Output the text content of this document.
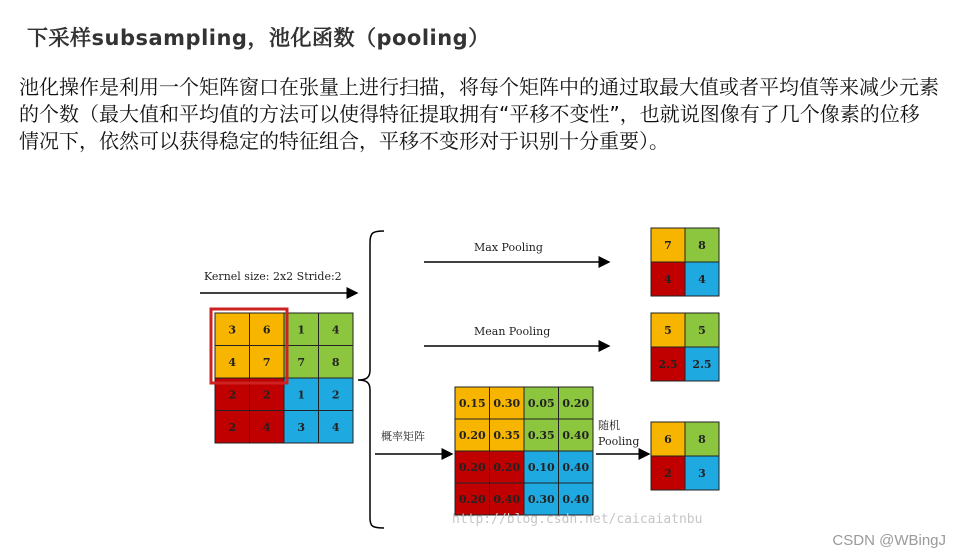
下采样subsampling，池化函数（pooling）

池化操作是利用一个矩阵窗口在张量上进行扫描，将每个矩阵中的通过取最大值或者平均值等来减少元素的个数（最大值和平均值的方法可以使得特征提取拥有“平移不变性”，也就说图像有了几个像素的位移情况下，依然可以获得稳定的特征组合，平移不变形对于识别十分重要）。

Kernel size: 2x2 Stride:2
3 6 1 4
4 7 7 8
2 2 1 2
2 4 3 4
Max Pooling	7 8
4 4
Mean Pooling	5 5
2.5 2.5
概率矩阵
0.15 0.30 0.05 0.20
0.20 0.35 0.35 0.40
0.20 0.20 0.10 0.40
0.20 0.40 0.30 0.40
随机
Pooling 6 8
2 3
http://blog.csdn.net/caicaiatnbu
CSDN @WBingJ
